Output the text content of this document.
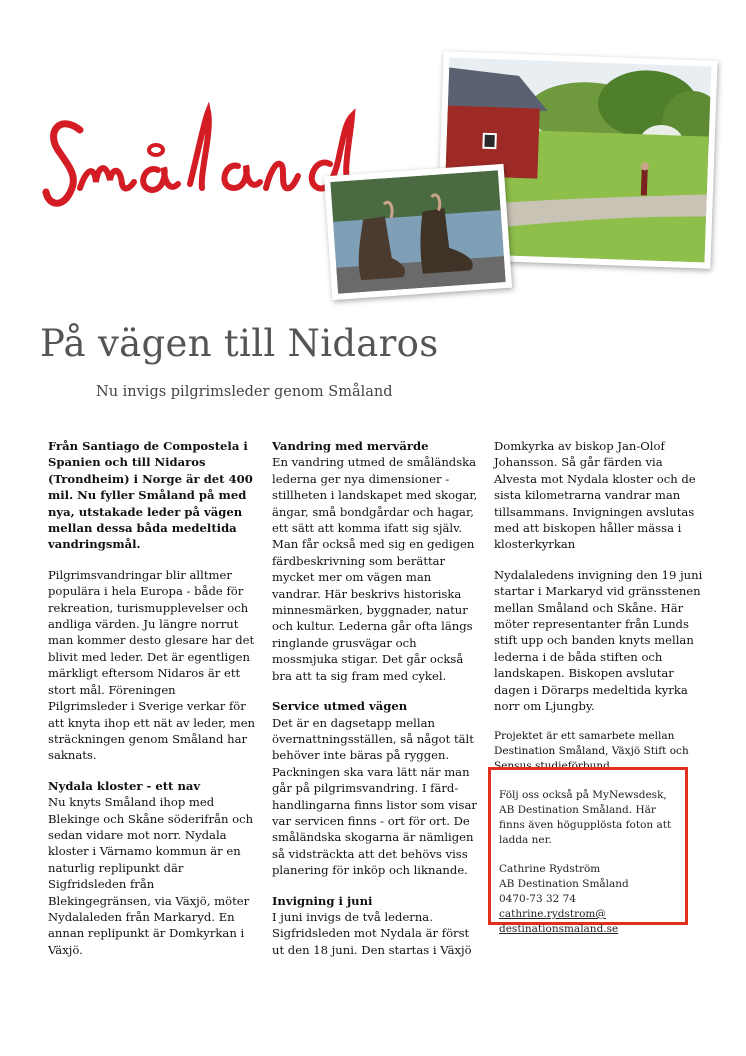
Småland
På vägen till Nidaros
Nu invigs pilgrimsleder genom Småland

Från Santiago de Compostela i Spanien och till Nidaros (Trondheim) i Norge är det 400 mil. Nu fyller Småland på med nya, utstakade leder på vägen mellan dessa båda medeltida vandringsmål.

Pilgrimsvandringar blir alltmer populära i hela Europa - både för rekreation, turismupplevelser och andliga värden. Ju längre norrut man kommer desto glesare har det blivit med leder. Det är egentligen märkligt eftersom Nidaros är ett stort mål. Föreningen Pilgrimsleder i Sverige verkar för att knyta ihop ett nät av leder, men sträckningen genom Småland har saknats.

Nydala kloster - ett nav

Nu knyts Småland ihop med Blekinge och Skåne söderifrån och sedan vidare mot norr. Nydala kloster i Värnamo kommun är en naturlig replipunkt där Sigfridsleden från Blekingegränsen, via Växjö, möter Nydalaleden från Markaryd. En annan replipunkt är Domkyrkan i Växjö.

Vandring med mervärde

En vandring utmed de småländska lederna ger nya dimensioner - stillheten i landskapet med skogar, ängar, små bondgårdar och hagar, ett sätt att komma ifatt sig själv. Man får också med sig en gedigen färdbeskrivning som berättar mycket mer om vägen man vandrar. Här beskrivs historiska minnesmärken, byggnader, natur och kultur. Lederna går ofta längs ringlande grusvägar och mossmjuka stigar. Det går också bra att ta sig fram med cykel.

Service utmed vägen

Det är en dagsetapp mellan övernattningsställen, så något tält behöver inte bäras på ryggen. Packningen ska vara lätt när man går på pilgrimsvandring. I färd-handlingarna finns listor som visar var servicen finns - ort för ort. De småländska skogarna är nämligen så vidsträckta att det behövs viss planering för inköp och liknande.

Invigning i juni

I juni invigs de två lederna. Sigfridsleden mot Nydala är först ut den 18 juni. Den startas i Växjö

Domkyrka av biskop Jan-Olof Johansson. Så går färden via Alvesta mot Nydala kloster och de sista kilometrarna vandrar man tillsammans. Invigningen avslutas med att biskopen håller mässa i klosterkyrkan

Nydalaledens invigning den 19 juni startar i Markaryd vid gränsstenen mellan Småland och Skåne. Här möter representanter från Lunds stift upp och banden knyts mellan lederna i de båda stiften och landskapen. Biskopen avslutar dagen i Dörarps medeltida kyrka norr om Ljungby.

Projektet är ett samarbete mellan Destination Småland, Växjö Stift och Sensus studieförbund.

Följ oss också på MyNewsdesk, AB Destination Småland. Här finns även högupplösta foton att ladda ner.

Cathrine Rydström
AB Destination Småland
0470-73 32 74
cathrine.rydstrom@
destinationsmaland.se
